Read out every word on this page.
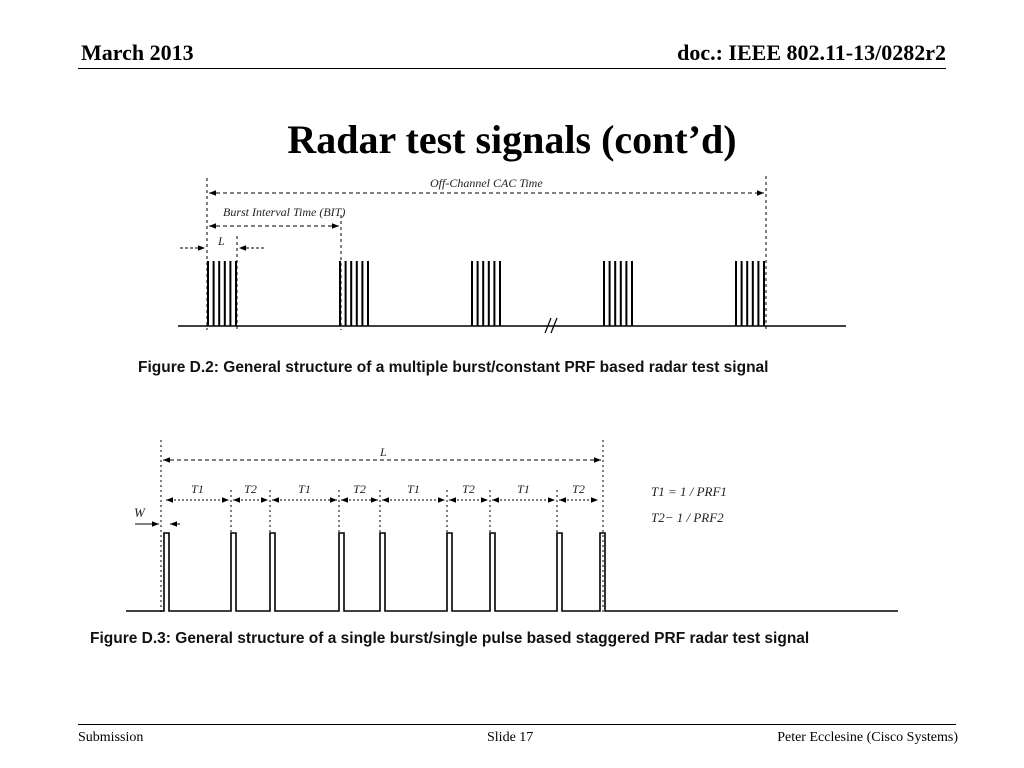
March 2013	doc.: IEEE 802.11-13/0282r2
Radar test signals (cont’d)
Off-Channel CAC Time
Burst Interval Time (BIT)
L
T1	T2	T1	T2	T1	T2	T1	T2
L
W
T1 = 1 / PRF1
T2− 1 / PRF2
Figure D.2: General structure of a multiple burst/constant PRF based radar test signal
Figure D.3: General structure of a single burst/single pulse based staggered PRF radar test signal
Submission	Slide 17	Peter Ecclesine (Cisco Systems)
